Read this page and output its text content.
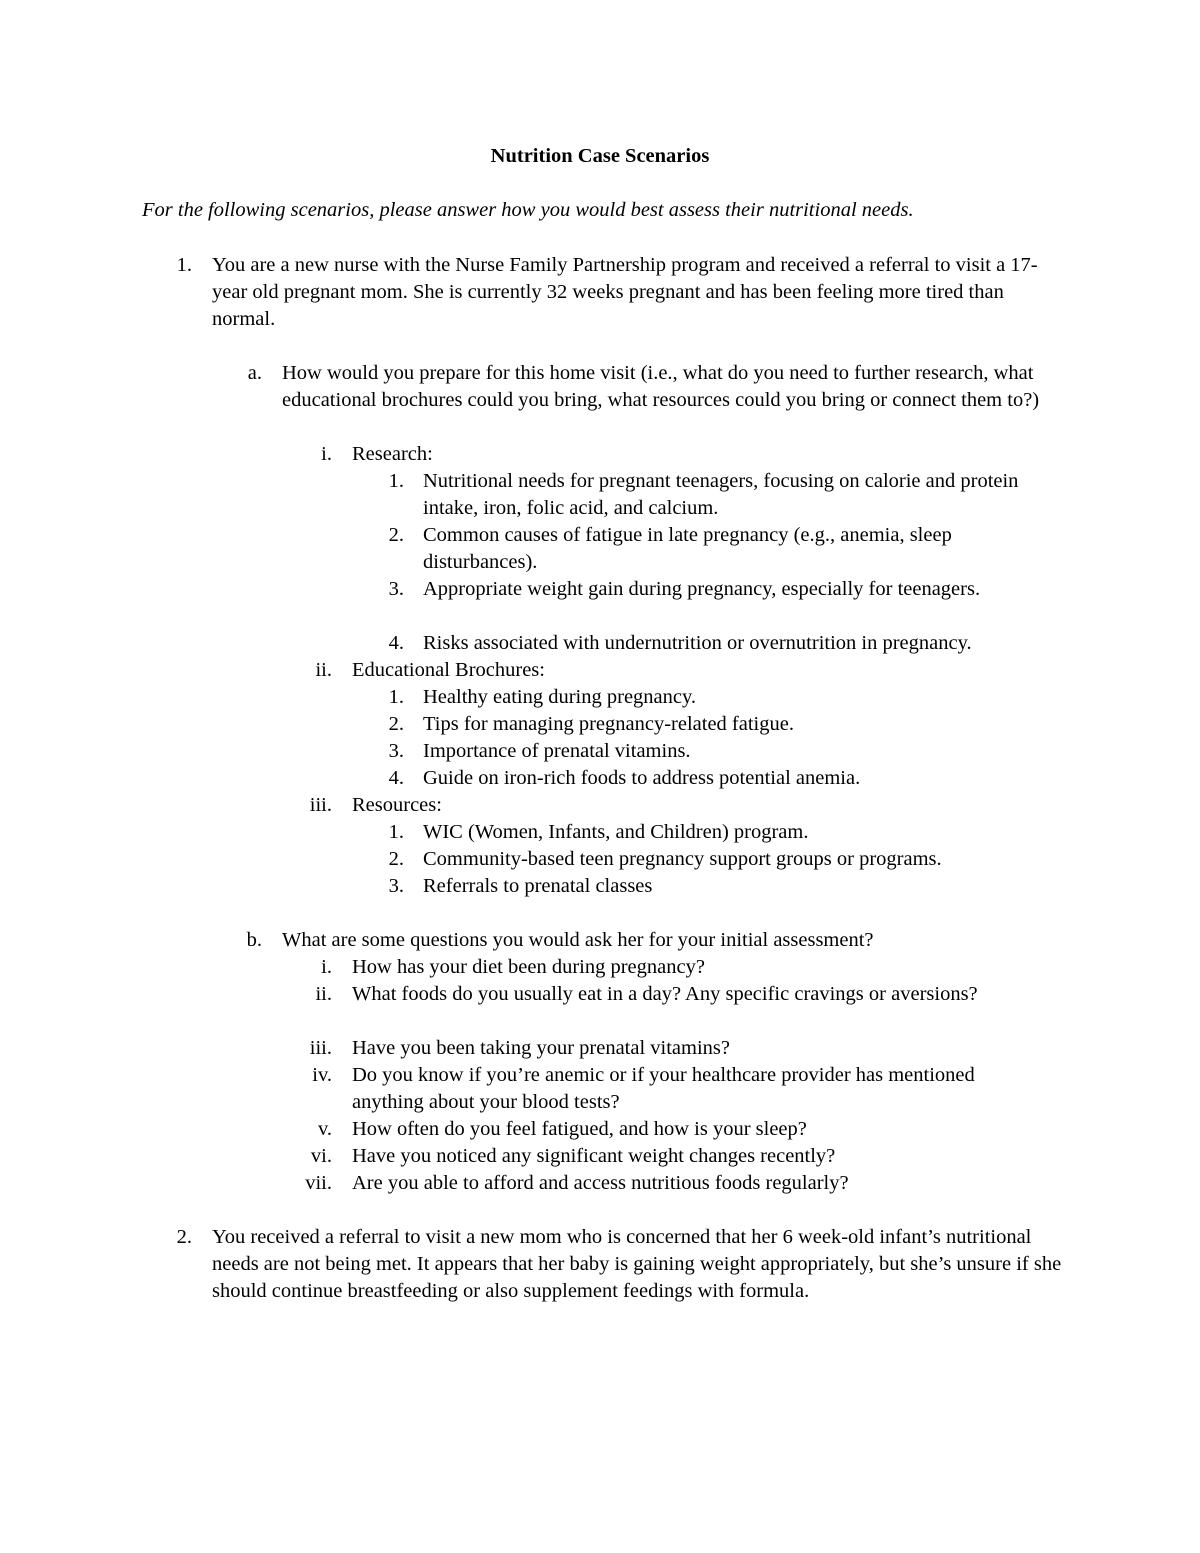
Nutrition Case Scenarios
For the following scenarios, please answer how you would best assess their nutritional needs.
1. You are a new nurse with the Nurse Family Partnership program and received a referral to visit a 17-year old pregnant mom. She is currently 32 weeks pregnant and has been feeling more tired than normal.
a. How would you prepare for this home visit (i.e., what do you need to further research, what educational brochures could you bring, what resources could you bring or connect them to?)
i. Research:
1. Nutritional needs for pregnant teenagers, focusing on calorie and protein intake, iron, folic acid, and calcium.
2. Common causes of fatigue in late pregnancy (e.g., anemia, sleep disturbances).
3. Appropriate weight gain during pregnancy, especially for teenagers.
4. Risks associated with undernutrition or overnutrition in pregnancy.
ii. Educational Brochures:
1. Healthy eating during pregnancy.
2. Tips for managing pregnancy-related fatigue.
3. Importance of prenatal vitamins.
4. Guide on iron-rich foods to address potential anemia.
iii. Resources:
1. WIC (Women, Infants, and Children) program.
2. Community-based teen pregnancy support groups or programs.
3. Referrals to prenatal classes
b. What are some questions you would ask her for your initial assessment?
i. How has your diet been during pregnancy?
ii. What foods do you usually eat in a day? Any specific cravings or aversions?
iii. Have you been taking your prenatal vitamins?
iv. Do you know if you’re anemic or if your healthcare provider has mentioned anything about your blood tests?
v. How often do you feel fatigued, and how is your sleep?
vi. Have you noticed any significant weight changes recently?
vii. Are you able to afford and access nutritious foods regularly?
2. You received a referral to visit a new mom who is concerned that her 6 week-old infant’s nutritional needs are not being met. It appears that her baby is gaining weight appropriately, but she’s unsure if she should continue breastfeeding or also supplement feedings with formula.
